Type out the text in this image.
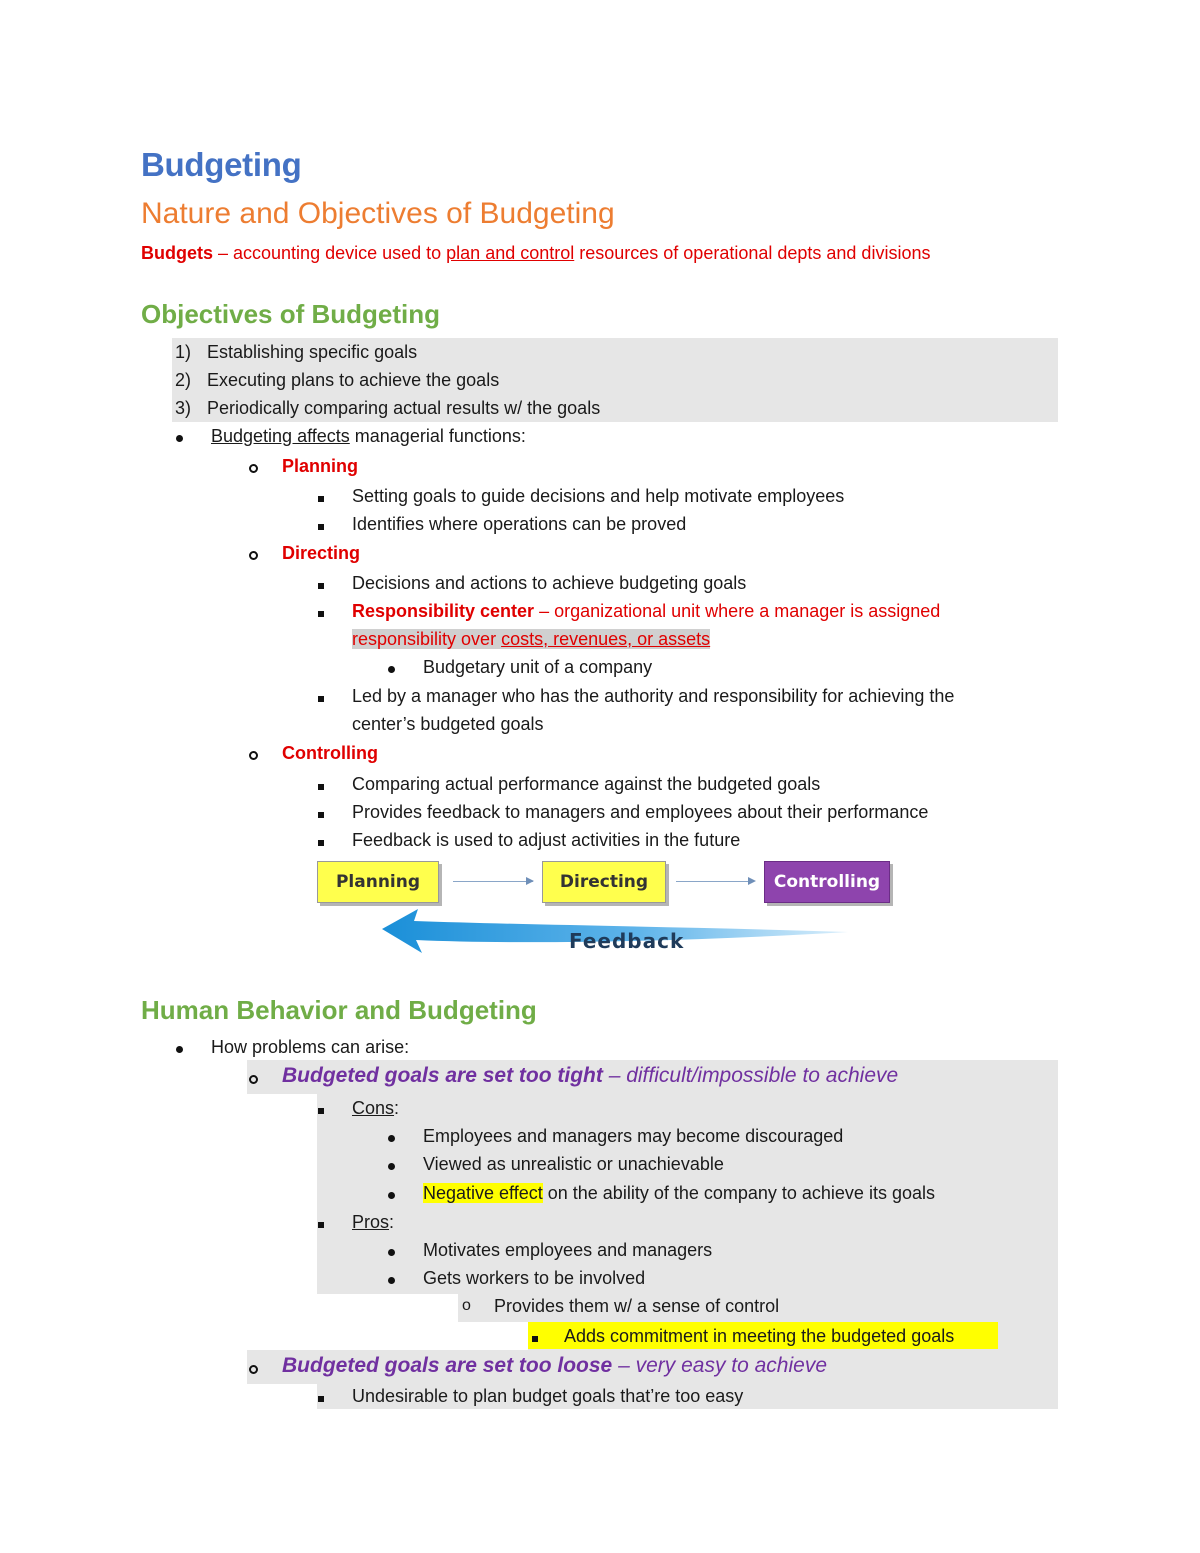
Budgeting
Nature and Objectives of Budgeting
Budgets – accounting device used to plan and control resources of operational depts and divisions
Objectives of Budgeting
1) Establishing specific goals
2) Executing plans to achieve the goals
3) Periodically comparing actual results w/ the goals
Budgeting affects managerial functions:
Planning
Setting goals to guide decisions and help motivate employees
Identifies where operations can be proved
Directing
Decisions and actions to achieve budgeting goals
Responsibility center – organizational unit where a manager is assigned
responsibility over costs, revenues, or assets
Budgetary unit of a company
Led by a manager who has the authority and responsibility for achieving the
center’s budgeted goals
Controlling
Comparing actual performance against the budgeted goals
Provides feedback to managers and employees about their performance
Feedback is used to adjust activities in the future
Planning	Directing	Controlling
Feedback
Human Behavior and Budgeting
How problems can arise:
Budgeted goals are set too tight – difficult/impossible to achieve
Cons:
Employees and managers may become discouraged
Viewed as unrealistic or unachievable
Negative effect on the ability of the company to achieve its goals
Pros:
Motivates employees and managers
Gets workers to be involved
o Provides them w/ a sense of control
Adds commitment in meeting the budgeted goals
Budgeted goals are set too loose – very easy to achieve
Undesirable to plan budget goals that’re too easy
